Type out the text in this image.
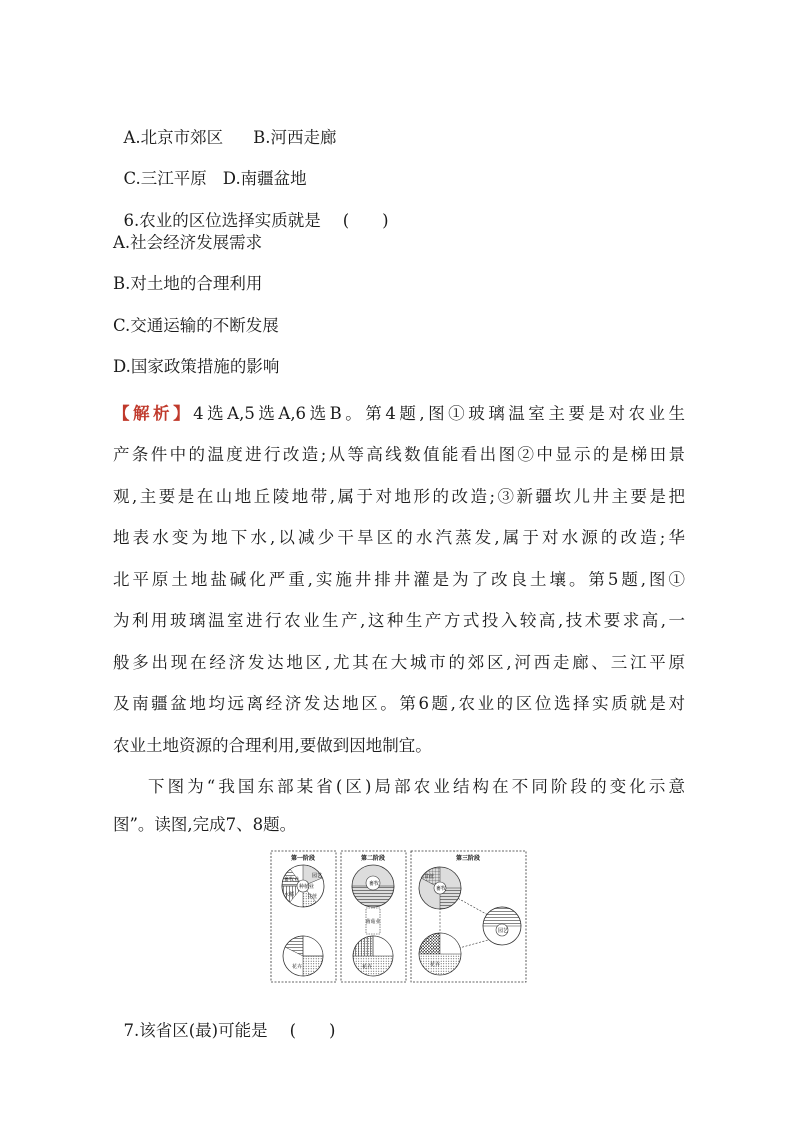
A.北京市郊区 B.河西走廊

C.三江平原 D.南疆盆地

6.农业的区位选择实质就是 (　　)

A.社会经济发展需求
B.对土地的合理利用
C.交通运输的不断发展
D.国家政策措施的影响
【解析】4选A,5选A,6选B。第4题,图①玻璃温室主要是对农业生
产条件中的温度进行改造;从等高线数值能看出图②中显示的是梯田景
观,主要是在山地丘陵地带,属于对地形的改造;③新疆坎儿井主要是把
地表水变为地下水,以减少干旱区的水汽蒸发,属于对水源的改造;华
北平原土地盐碱化严重,实施井排井灌是为了改良土壤。第5题,图①
为利用玻璃温室进行农业生产,这种生产方式投入较高,技术要求高,一
般多出现在经济发达地区,尤其在大城市的郊区,河西走廊、三江平原
及南疆盆地均远离经济发达地区。第6题,农业的区位选择实质就是对
农业土地资源的合理利用,要做到因地制宜。
下图为“我国东部某省(区)局部农业结构在不同阶段的变化示意
图”。读图,完成7、8题。
第一阶段
园艺
畜牧业
种植业
水稻	甘蔗
花卉
第二阶段
畜牧
菌菇业
花卉
第三阶段
甘蔗
畜牧
园艺
花卉

7.该省区(最)可能是 (　　)
